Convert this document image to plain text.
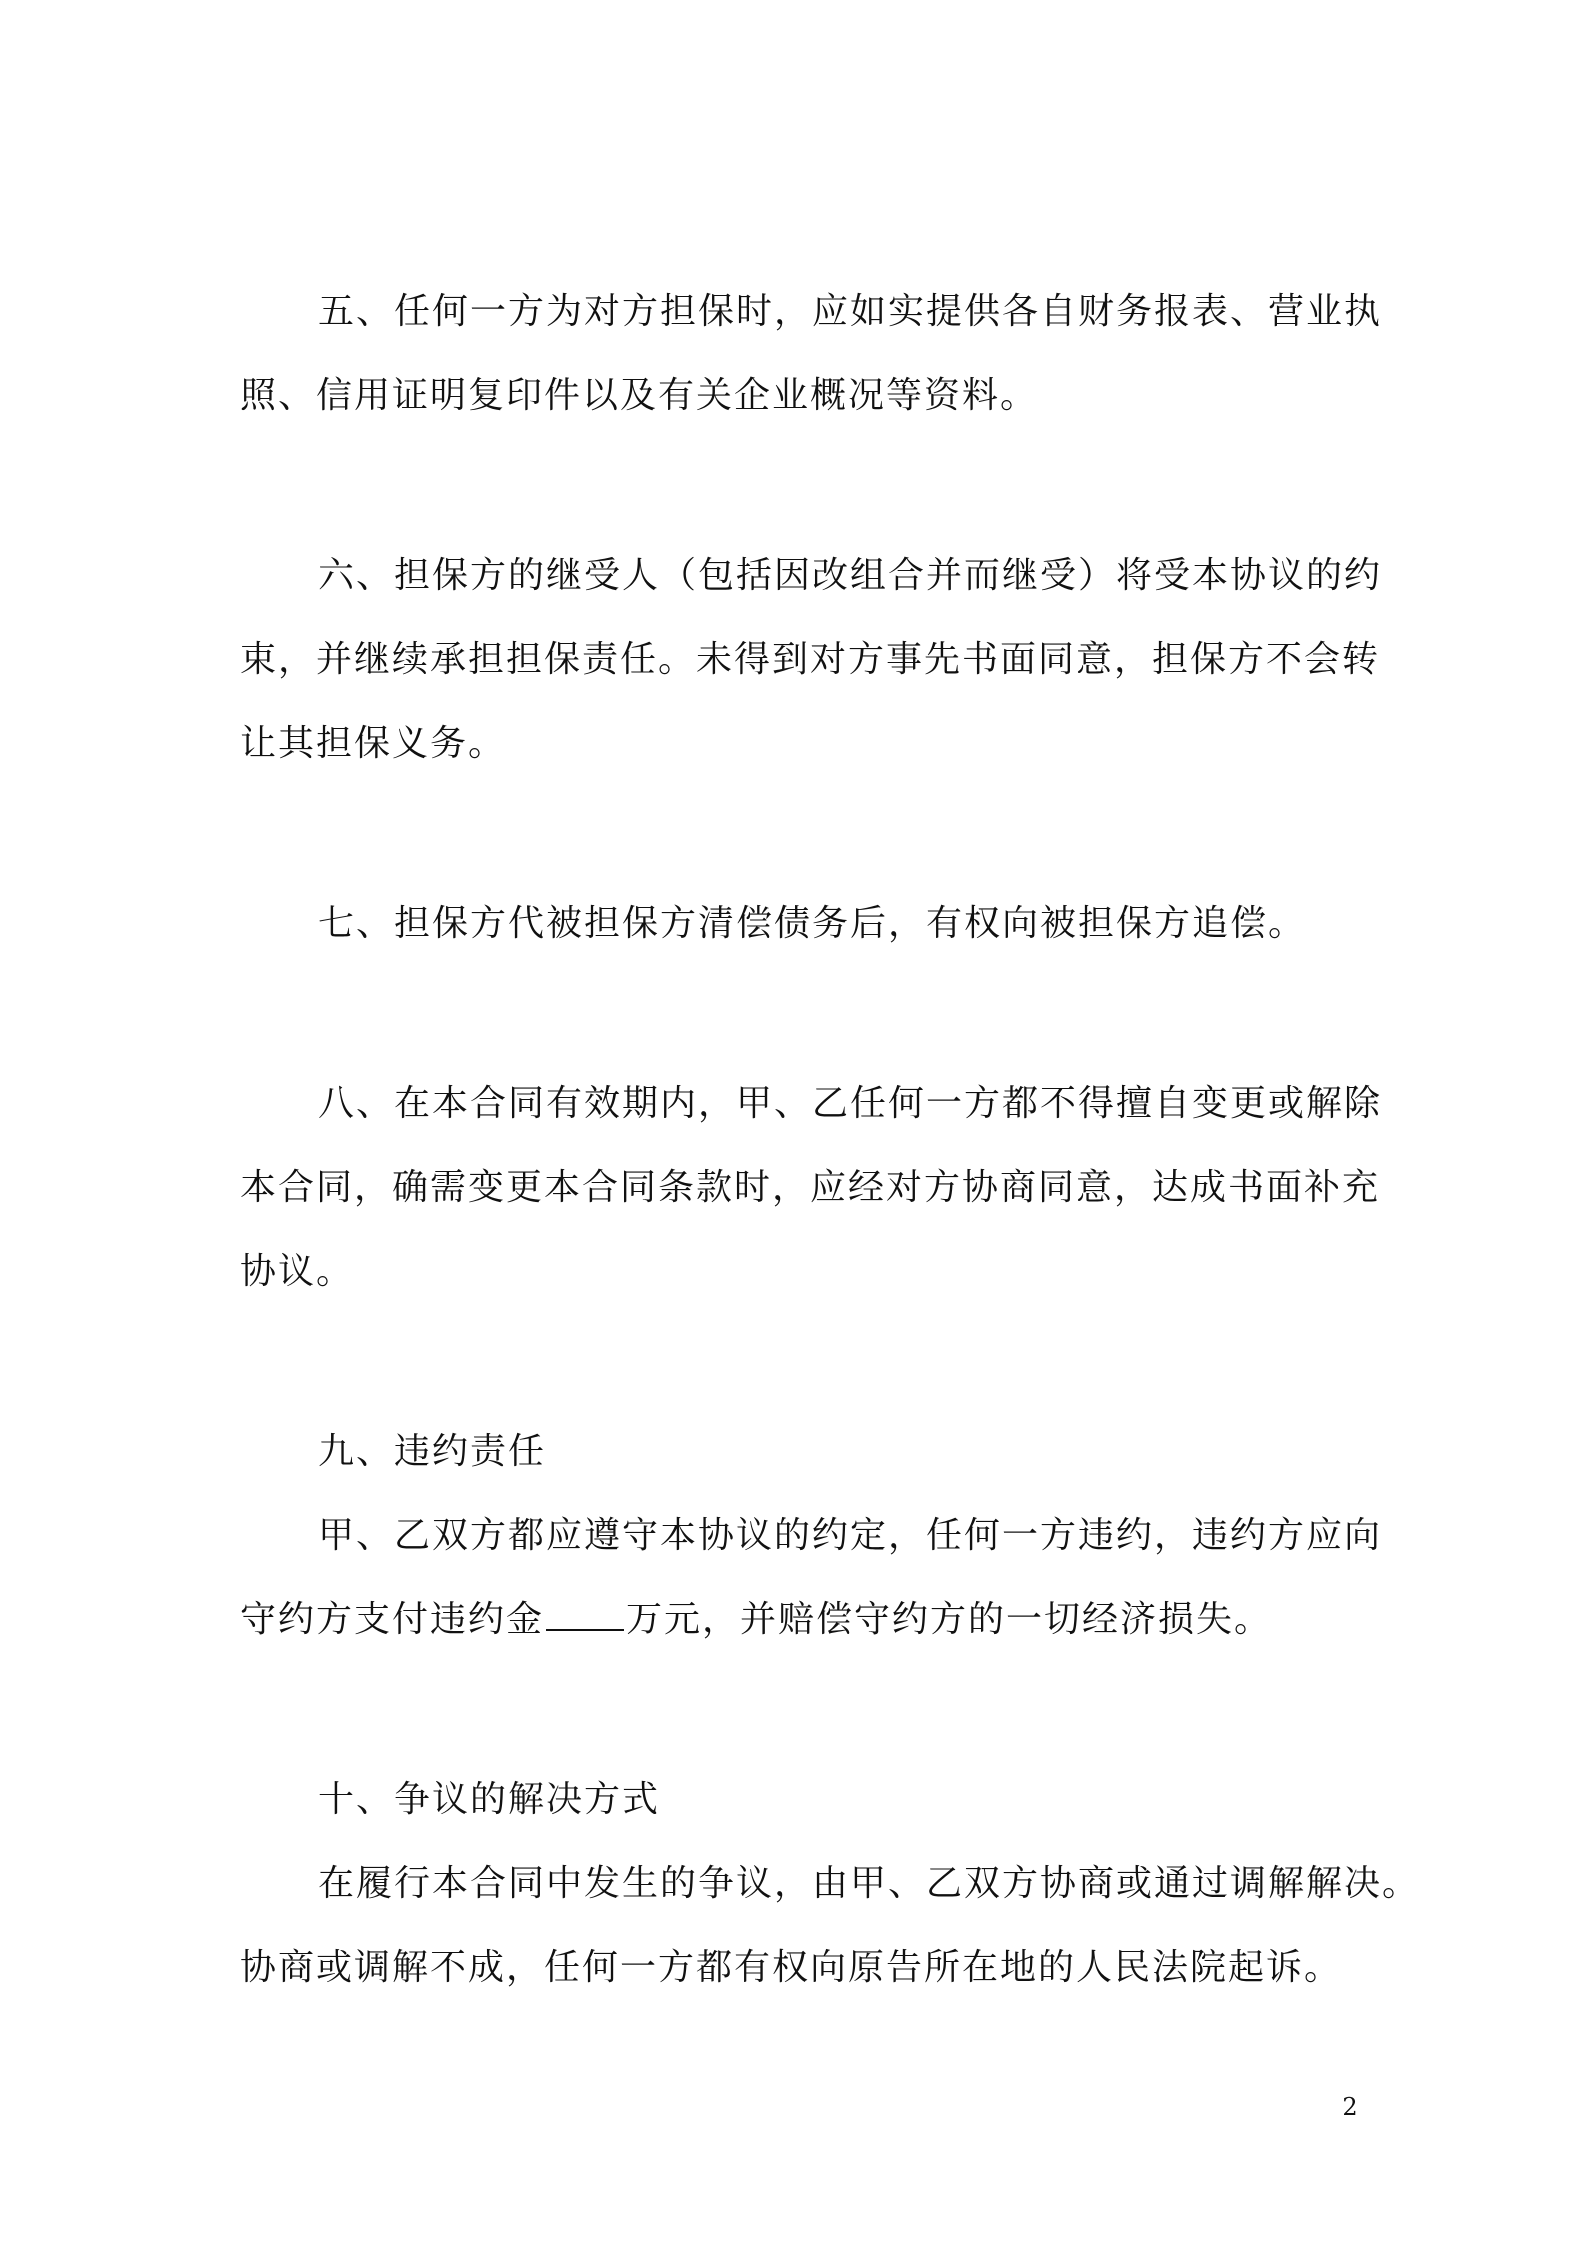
五、任何一方为对方担保时，应如实提供各自财务报表、营业执
照、信用证明复印件以及有关企业概况等资料。
六、担保方的继受人（包括因改组合并而继受）将受本协议的约
束，并继续承担担保责任。未得到对方事先书面同意，担保方不会转
让其担保义务。
七、担保方代被担保方清偿债务后，有权向被担保方追偿。
八、在本合同有效期内，甲、乙任何一方都不得擅自变更或解除
本合同，确需变更本合同条款时，应经对方协商同意，达成书面补充
协议。
九、违约责任
甲、乙双方都应遵守本协议的约定，任何一方违约，违约方应向
守约方支付违约金 万元，并赔偿守约方的一切经济损失。
十、争议的解决方式
在履行本合同中发生的争议，由甲、乙双方协商或通过调解解决。
协商或调解不成，任何一方都有权向原告所在地的人民法院起诉。
2
